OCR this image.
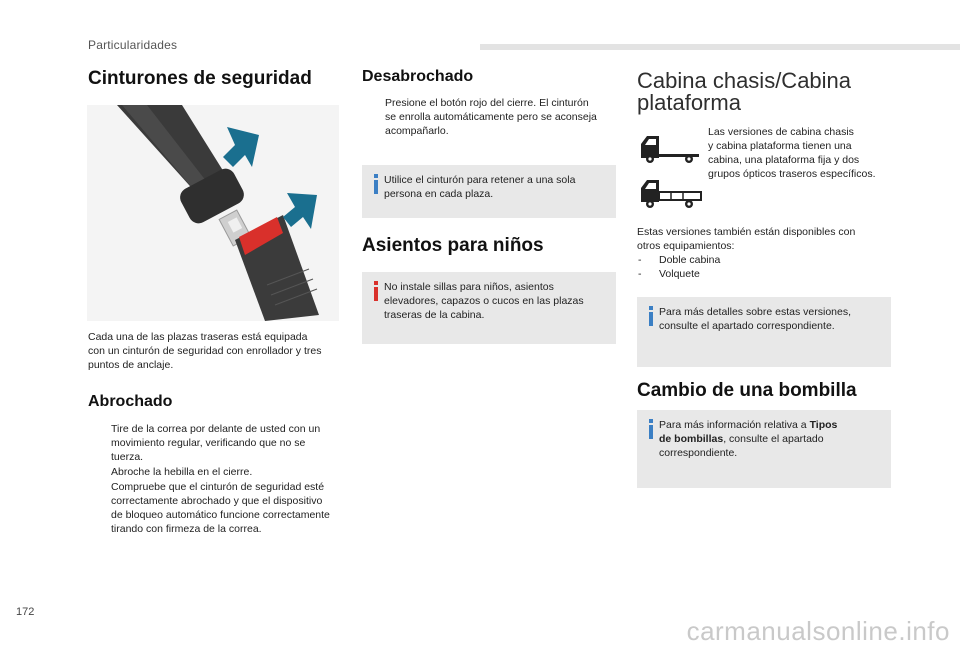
Particularidades
Cinturones de seguridad
Cada una de las plazas traseras está equipada
con un cinturón de seguridad con enrollador y tres
puntos de anclaje.
Abrochado
Tire de la correa por delante de usted con un
movimiento regular, verificando que no se
tuerza.
Abroche la hebilla en el cierre.
Compruebe que el cinturón de seguridad esté
correctamente abrochado y que el dispositivo
de bloqueo automático funcione correctamente
tirando con firmeza de la correa.
Desabrochado
Presione el botón rojo del cierre. El cinturón
se enrolla automáticamente pero se aconseja
acompañarlo.
Utilice el cinturón para retener a una sola
persona en cada plaza.
Asientos para niños
No instale sillas para niños, asientos
elevadores, capazos o cucos en las plazas
traseras de la cabina.
Cabina chasis/Cabina
plataforma
Las versiones de cabina chasis
y cabina plataforma tienen una
cabina, una plataforma fija y dos
grupos ópticos traseros específicos.
Estas versiones también están disponibles con
otros equipamientos:
- Doble cabina
- Volquete
Para más detalles sobre estas versiones,
consulte el apartado correspondiente.
Cambio de una bombilla
Para más información relativa a Tipos
de bombillas, consulte el apartado
correspondiente.
172
carmanualsonline.info
